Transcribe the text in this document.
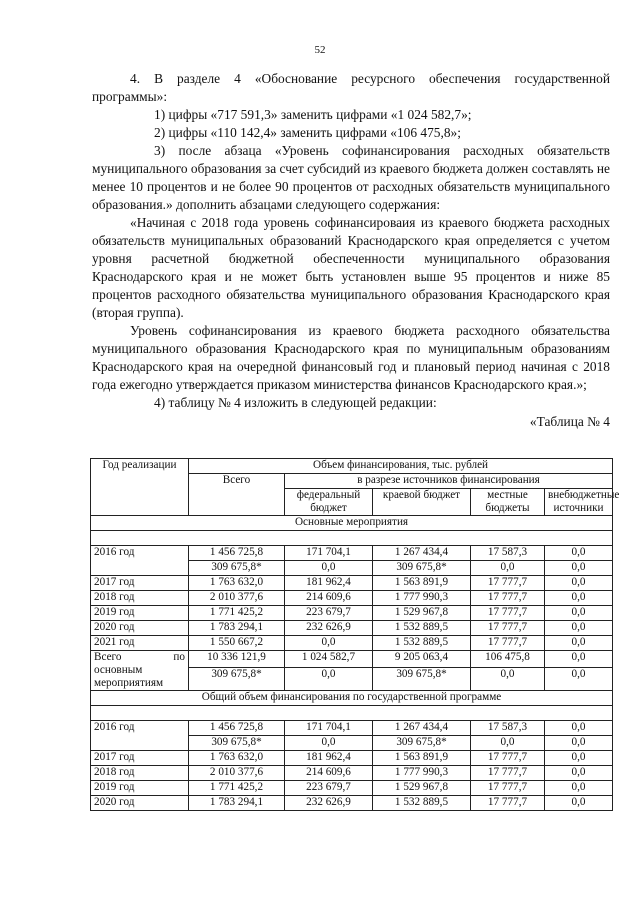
52

4. В разделе 4 «Обоснование ресурсного обеспечения государственной программы»:

1) цифры «717 591,3» заменить цифрами «1 024 582,7»;

2) цифры «110 142,4» заменить цифрами «106 475,8»;

3) после абзаца «Уровень софинансирования расходных обязательств муниципального образования за счет субсидий из краевого бюджета должен составлять не менее 10 процентов и не более 90 процентов от расходных обязательств муниципального образования.» дополнить абзацами следующего содержания:

«Начиная с 2018 года уровень софинансироваия из краевого бюджета расходных обязательств муниципальных образований Краснодарского края определяется с учетом уровня расчетной бюджетной обеспеченности муниципального образования Краснодарского края и не может быть установлен выше 95 процентов и ниже 85 процентов расходного обязательства муниципального образования Краснодарского края (вторая группа).

Уровень софинансирования из краевого бюджета расходного обязательства муниципального образования Краснодарского края по муниципальным образованиям Краснодарского края на очередной финансовый год и плановый период начиная с 2018 года ежегодно утверждается приказом министерства финансов Краснодарского края.»;

4) таблицу № 4 изложить в следующей редакции:

«Таблица № 4

Год реализации	Объем финансирования, тыс. рублей				
	Всего	в разрезе источников финансирования			
		федеральный бюджет	краевой бюджет	местные бюджеты	внебюджетные источники
Основные мероприятия					

2016 год	1 456 725,8	171 704,1	1 267 434,4	17 587,3	0,0
	309 675,8*	0,0	309 675,8*	0,0	0,0
2017 год	1 763 632,0	181 962,4	1 563 891,9	17 777,7	0,0
2018 год	2 010 377,6	214 609,6	1 777 990,3	17 777,7	0,0
2019 год	1 771 425,2	223 679,7	1 529 967,8	17 777,7	0,0
2020 год	1 783 294,1	232 626,9	1 532 889,5	17 777,7	0,0
2021 год	1 550 667,2	0,0	1 532 889,5	17 777,7	0,0
Всего по основным мероприятиям	10 336 121,9	1 024 582,7	9 205 063,4	106 475,8	0,0
	309 675,8*	0,0	309 675,8*	0,0	0,0
Общий объем финансирования по государственной программе					

2016 год	1 456 725,8	171 704,1	1 267 434,4	17 587,3	0,0
	309 675,8*	0,0	309 675,8*	0,0	0,0
2017 год	1 763 632,0	181 962,4	1 563 891,9	17 777,7	0,0
2018 год	2 010 377,6	214 609,6	1 777 990,3	17 777,7	0,0
2019 год	1 771 425,2	223 679,7	1 529 967,8	17 777,7	0,0
2020 год	1 783 294,1	232 626,9	1 532 889,5	17 777,7	0,0
